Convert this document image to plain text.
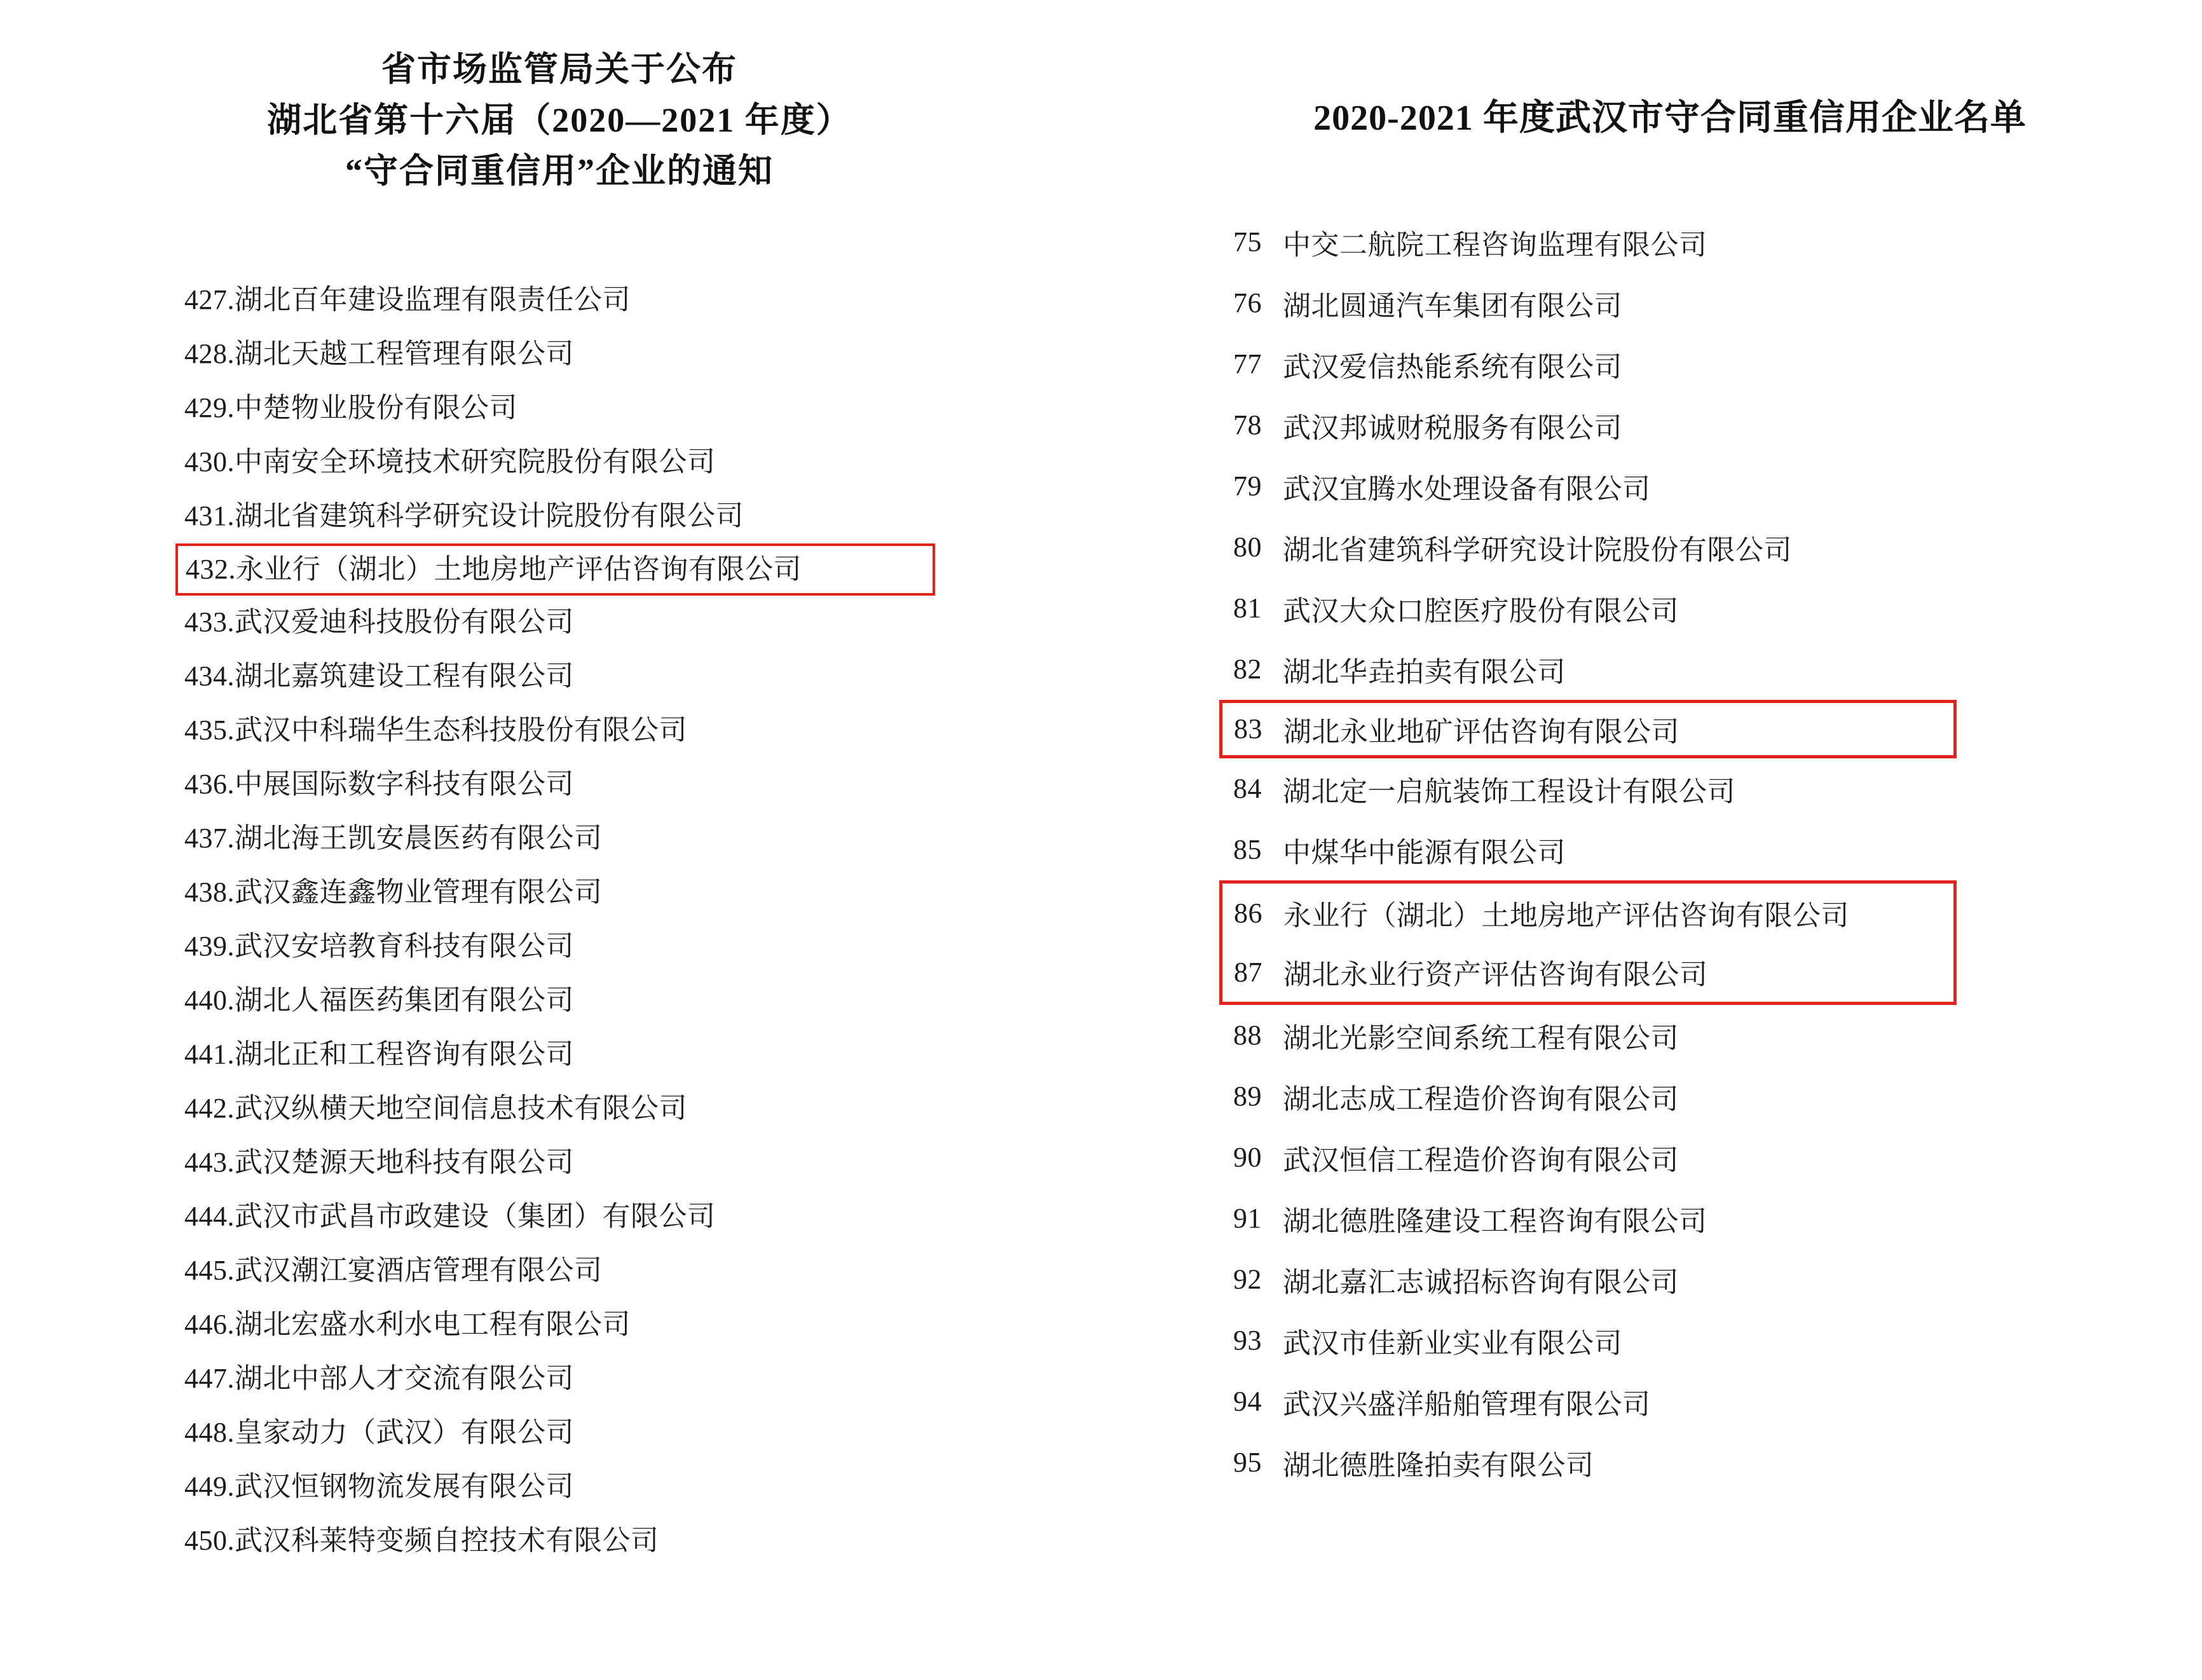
省市场监管局关于公布
湖北省第十六届（2020—2021 年度）
“守合同重信用”企业的通知
427. 湖北百年建设监理有限责任公司
428. 湖北天越工程管理有限公司
429. 中楚物业股份有限公司
430. 中南安全环境技术研究院股份有限公司
431. 湖北省建筑科学研究设计院股份有限公司
432. 永业行（湖北）土地房地产评估咨询有限公司
433. 武汉爱迪科技股份有限公司
434. 湖北嘉筑建设工程有限公司
435. 武汉中科瑞华生态科技股份有限公司
436. 中展国际数字科技有限公司
437. 湖北海王凯安晨医药有限公司
438. 武汉鑫连鑫物业管理有限公司
439. 武汉安培教育科技有限公司
440. 湖北人福医药集团有限公司
441. 湖北正和工程咨询有限公司
442. 武汉纵横天地空间信息技术有限公司
443. 武汉楚源天地科技有限公司
444. 武汉市武昌市政建设（集团）有限公司
445. 武汉潮江宴酒店管理有限公司
446. 湖北宏盛水利水电工程有限公司
447. 湖北中部人才交流有限公司
448. 皇家动力（武汉）有限公司
449. 武汉恒钢物流发展有限公司
450. 武汉科莱特变频自控技术有限公司
2020-2021 年度武汉市守合同重信用企业名单
75 中交二航院工程咨询监理有限公司
76 湖北圆通汽车集团有限公司
77 武汉爱信热能系统有限公司
78 武汉邦诚财税服务有限公司
79 武汉宜腾水处理设备有限公司
80 湖北省建筑科学研究设计院股份有限公司
81 武汉大众口腔医疗股份有限公司
82 湖北华垚拍卖有限公司
83 湖北永业地矿评估咨询有限公司
84 湖北定一启航装饰工程设计有限公司
85 中煤华中能源有限公司
86 永业行（湖北）土地房地产评估咨询有限公司
87 湖北永业行资产评估咨询有限公司
88 湖北光影空间系统工程有限公司
89 湖北志成工程造价咨询有限公司
90 武汉恒信工程造价咨询有限公司
91 湖北德胜隆建设工程咨询有限公司
92 湖北嘉汇志诚招标咨询有限公司
93 武汉市佳新业实业有限公司
94 武汉兴盛洋船舶管理有限公司
95 湖北德胜隆拍卖有限公司
